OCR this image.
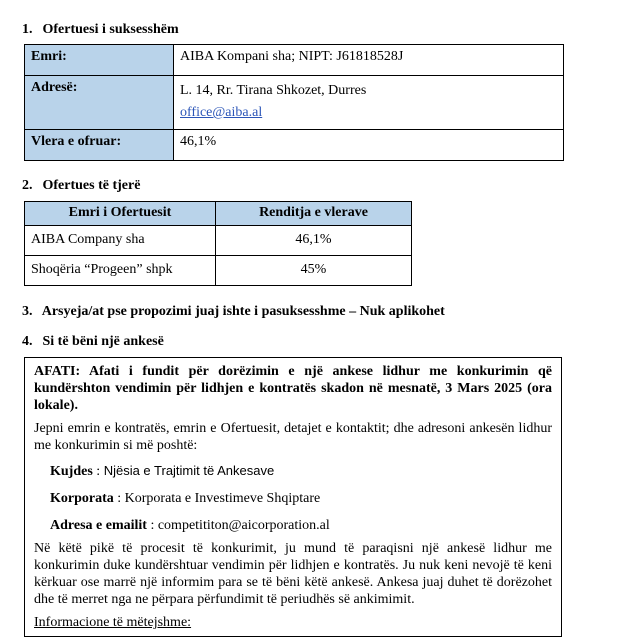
1. Ofertuesi i suksesshëm
Emri:	AIBA Kompani sha; NIPT: J61818528J
Adresë:	L. 14, Rr. Tirana Shkozet, Durres
office@aiba.al
Vlera e ofruar:	46,1%
2. Ofertues të tjerë
Emri i Ofertuesit	Renditja e vlerave
AIBA Company sha	46,1%
Shoqëria “Progeen” shpk	45%
3. Arsyeja/at pse propozimi juaj ishte i pasuksesshme – Nuk aplikohet
4. Si të bëni një ankesë

AFATI: Afati i fundit për dorëzimin e një ankese lidhur me konkurimin që kundërshton vendimin për lidhjen e kontratës skadon në mesnatë, 3 Mars 2025 (ora lokale).

Jepni emrin e kontratës, emrin e Ofertuesit, detajet e kontaktit; dhe adresoni ankesën lidhur me konkurimin si më poshtë:

Kujdes : Njësia e Trajtimit të Ankesave

Korporata : Korporata e Investimeve Shqiptare

Adresa e emailit : competititon@aicorporation.al

Në këtë pikë të procesit të konkurimit, ju mund të paraqisni një ankesë lidhur me konkurimin duke kundërshtuar vendimin për lidhjen e kontratës. Ju nuk keni nevojë të keni kërkuar ose marrë një informim para se të bëni këtë ankesë. Ankesa juaj duhet të dorëzohet dhe të merret nga ne përpara përfundimit të periudhës së ankimimit.

Informacione të mëtejshme:
